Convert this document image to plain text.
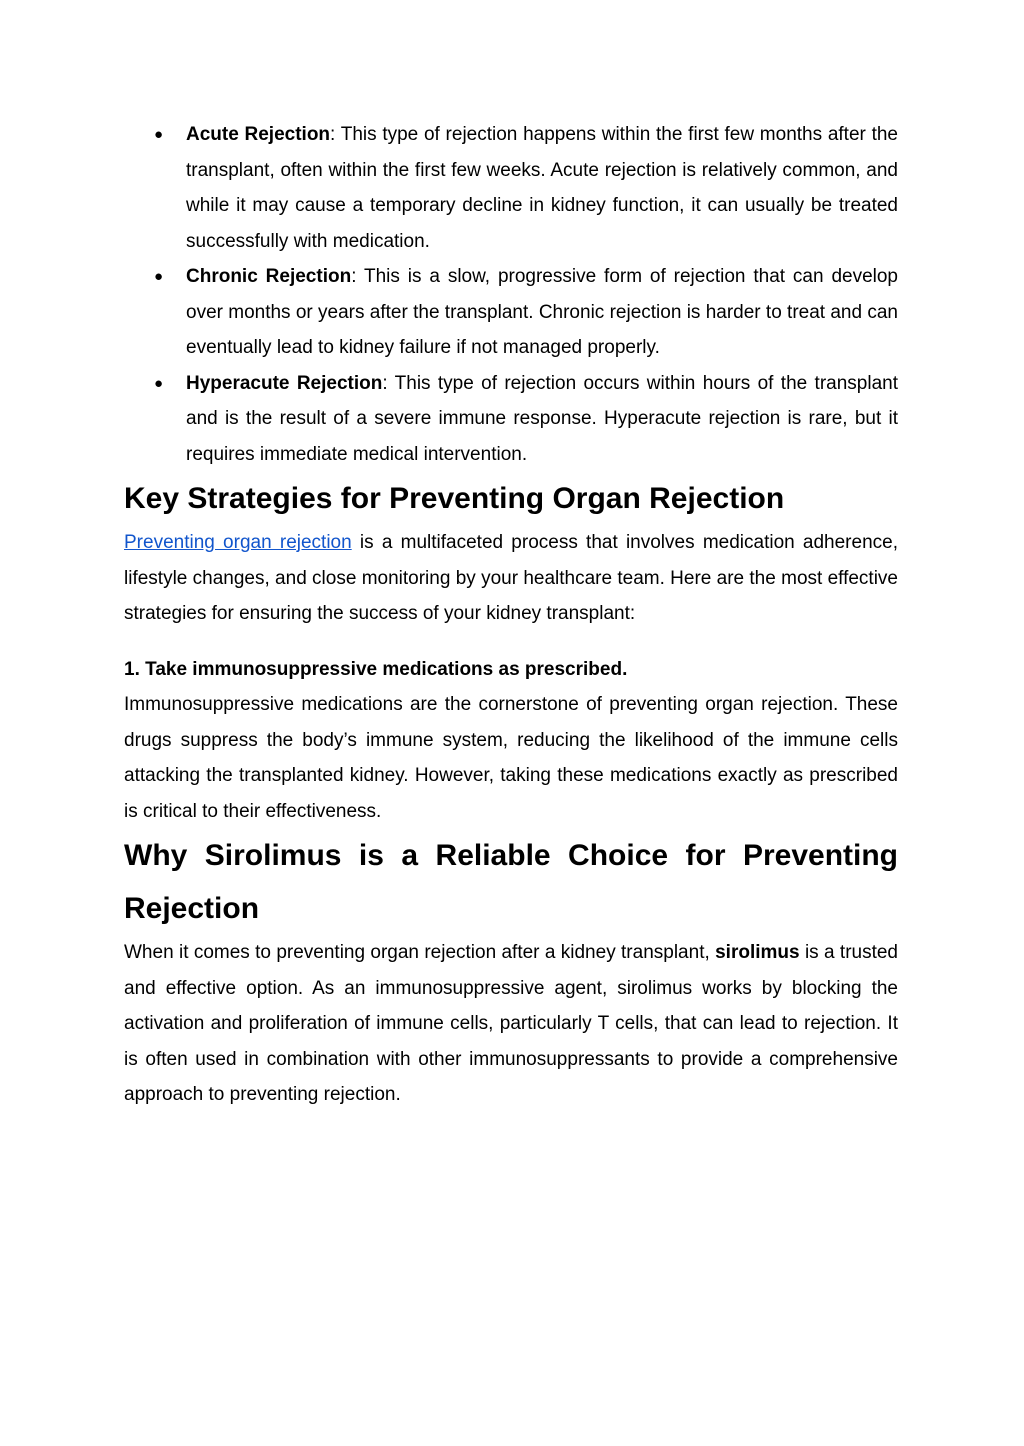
● Acute Rejection: This type of rejection happens within the first few months after the transplant, often within the first few weeks. Acute rejection is relatively common, and while it may cause a temporary decline in kidney function, it can usually be treated successfully with medication.
● Chronic Rejection: This is a slow, progressive form of rejection that can develop over months or years after the transplant. Chronic rejection is harder to treat and can eventually lead to kidney failure if not managed properly.
● Hyperacute Rejection: This type of rejection occurs within hours of the transplant and is the result of a severe immune response. Hyperacute rejection is rare, but it requires immediate medical intervention.
Key Strategies for Preventing Organ Rejection

Preventing organ rejection is a multifaceted process that involves medication adherence, lifestyle changes, and close monitoring by your healthcare team. Here are the most effective strategies for ensuring the success of your kidney transplant:

1. Take immunosuppressive medications as prescribed.

Immunosuppressive medications are the cornerstone of preventing organ rejection. These drugs suppress the body’s immune system, reducing the likelihood of the immune cells attacking the transplanted kidney. However, taking these medications exactly as prescribed is critical to their effectiveness.

Why Sirolimus is a Reliable Choice for Preventing Rejection

When it comes to preventing organ rejection after a kidney transplant, sirolimus is a trusted and effective option. As an immunosuppressive agent, sirolimus works by blocking the activation and proliferation of immune cells, particularly T cells, that can lead to rejection. It is often used in combination with other immunosuppressants to provide a comprehensive approach to preventing rejection.
